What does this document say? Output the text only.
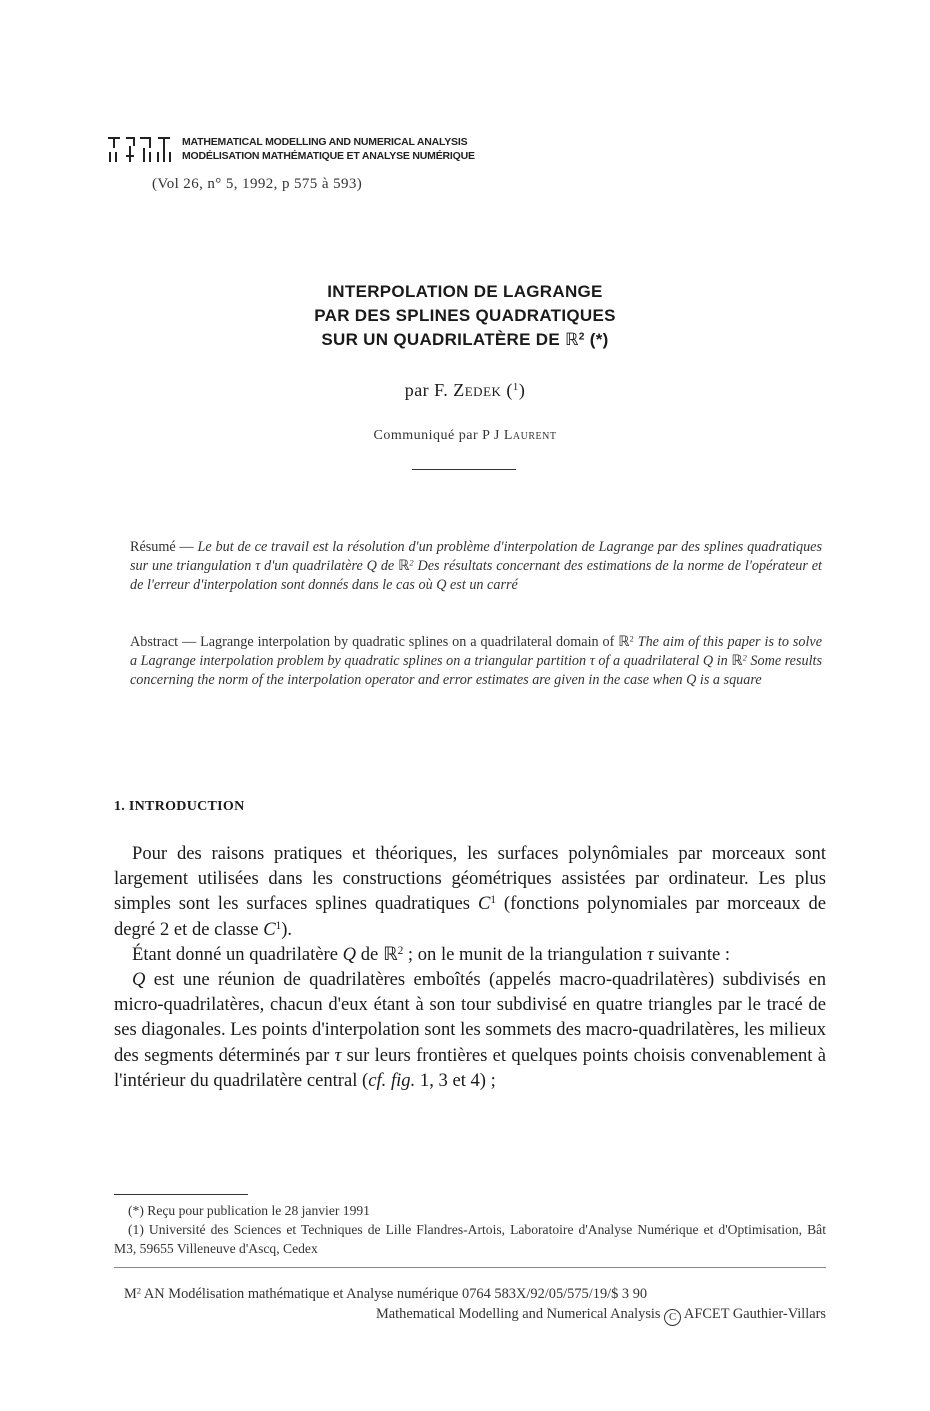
MATHEMATICAL MODELLING AND NUMERICAL ANALYSIS
MODÉLISATION MATHÉMATIQUE ET ANALYSE NUMÉRIQUE
(Vol 26, n° 5, 1992, p 575 à 593)
INTERPOLATION DE LAGRANGE
PAR DES SPLINES QUADRATIQUES
SUR UN QUADRILATÈRE DE ℝ$^2$ (*)
par F. Zedek ($^1$)
Communiqué par P J Laurent
Résumé — Le but de ce travail est la résolution d'un problème d'interpolation de Lagrange par des splines quadratiques sur une triangulation τ d'un quadrilatère Q de ℝ$^2$ Des résultats concernant des estimations de la norme de l'opérateur et de l'erreur d'interpolation sont donnés dans le cas où Q est un carré
Abstract — Lagrange interpolation by quadratic splines on a quadrilateral domain of ℝ$^2$ The aim of this paper is to solve a Lagrange interpolation problem by quadratic splines on a triangular partition τ of a quadrilateral Q in ℝ$^2$ Some results concerning the norm of the interpolation operator and error estimates are given in the case when Q is a square
1. INTRODUCTION

Pour des raisons pratiques et théoriques, les surfaces polynômiales par morceaux sont largement utilisées dans les constructions géométriques assistées par ordinateur. Les plus simples sont les surfaces splines quadratiques $C^1$ (fonctions polynomiales par morceaux de degré 2 et de classe $C^1$).

Étant donné un quadrilatère Q de ℝ$^2$ ; on le munit de la triangulation τ suivante :

Q est une réunion de quadrilatères emboîtés (appelés macro-quadrilatères) subdivisés en micro-quadrilatères, chacun d'eux étant à son tour subdivisé en quatre triangles par le tracé de ses diagonales. Les points d'interpolation sont les sommets des macro-quadrilatères, les milieux des segments déterminés par τ sur leurs frontières et quelques points choisis convenablement à l'intérieur du quadrilatère central (cf. fig. 1, 3 et 4) ;

(*) Reçu pour publication le 28 janvier 1991

(1) Université des Sciences et Techniques de Lille Flandres-Artois, Laboratoire d'Analyse Numérique et d'Optimisation, Bât M3, 59655 Villeneuve d'Ascq, Cedex

$M^2$ AN Modélisation mathématique et Analyse numérique 0764 583X/92/05/575/19/$ 3 90
Mathematical Modelling and Numerical Analysis C AFCET Gauthier-Villars
